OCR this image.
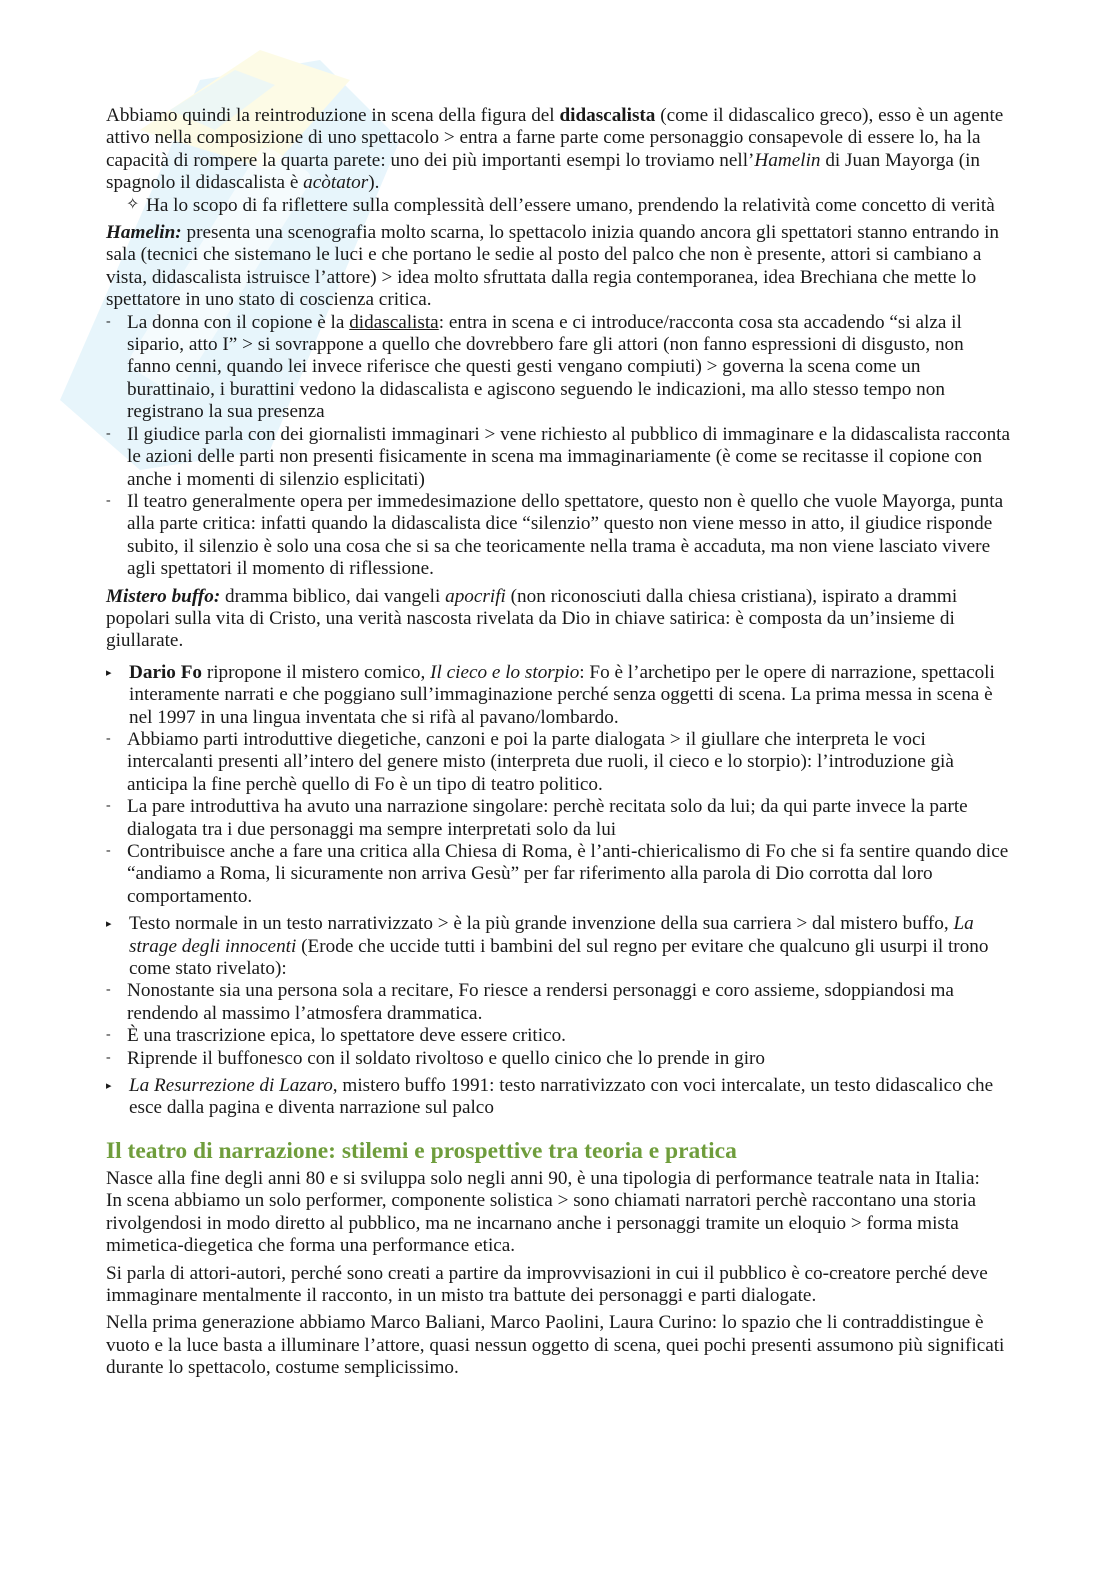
Abbiamo quindi la reintroduzione in scena della figura del didascalista (come il didascalico greco), esso è un agente attivo nella composizione di uno spettacolo > entra a farne parte come personaggio consapevole di essere lo, ha la capacità di rompere la quarta parete: uno dei più importanti esempi lo troviamo nell’Hamelin di Juan Mayorga (in spagnolo il didascalista è acòtator).

✧ Ha lo scopo di fa riflettere sulla complessità dell’essere umano, prendendo la relatività come concetto di verità

Hamelin: presenta una scenografia molto scarna, lo spettacolo inizia quando ancora gli spettatori stanno entrando in sala (tecnici che sistemano le luci e che portano le sedie al posto del palco che non è presente, attori si cambiano a vista, didascalista istruisce l’attore) > idea molto sfruttata dalla regia contemporanea, idea Brechiana che mette lo spettatore in uno stato di coscienza critica.

- La donna con il copione è la didascalista: entra in scena e ci introduce/racconta cosa sta accadendo “si alza il sipario, atto I” > si sovrappone a quello che dovrebbero fare gli attori (non fanno espressioni di disgusto, non fanno cenni, quando lei invece riferisce che questi gesti vengano compiuti) > governa la scena come un burattinaio, i burattini vedono la didascalista e agiscono seguendo le indicazioni, ma allo stesso tempo non registrano la sua presenza
- Il giudice parla con dei giornalisti immaginari > vene richiesto al pubblico di immaginare e la didascalista racconta le azioni delle parti non presenti fisicamente in scena ma immaginariamente (è come se recitasse il copione con anche i momenti di silenzio esplicitati)
- Il teatro generalmente opera per immedesimazione dello spettatore, questo non è quello che vuole Mayorga, punta alla parte critica: infatti quando la didascalista dice “silenzio” questo non viene messo in atto, il giudice risponde subito, il silenzio è solo una cosa che si sa che teoricamente nella trama è accaduta, ma non viene lasciato vivere agli spettatori il momento di riflessione.

Mistero buffo: dramma biblico, dai vangeli apocrifi (non riconosciuti dalla chiesa cristiana), ispirato a drammi popolari sulla vita di Cristo, una verità nascosta rivelata da Dio in chiave satirica: è composta da un’insieme di giullarate.

▸ Dario Fo ripropone il mistero comico, Il cieco e lo storpio: Fo è l’archetipo per le opere di narrazione, spettacoli interamente narrati e che poggiano sull’immaginazione perché senza oggetti di scena. La prima messa in scena è nel 1997 in una lingua inventata che si rifà al pavano/lombardo.
- Abbiamo parti introduttive diegetiche, canzoni e poi la parte dialogata > il giullare che interpreta le voci intercalanti presenti all’intero del genere misto (interpreta due ruoli, il cieco e lo storpio): l’introduzione già anticipa la fine perchè quello di Fo è un tipo di teatro politico.
- La pare introduttiva ha avuto una narrazione singolare: perchè recitata solo da lui; da qui parte invece la parte dialogata tra i due personaggi ma sempre interpretati solo da lui
- Contribuisce anche a fare una critica alla Chiesa di Roma, è l’anti-chiericalismo di Fo che si fa sentire quando dice “andiamo a Roma, li sicuramente non arriva Gesù” per far riferimento alla parola di Dio corrotta dal loro comportamento.
▸ Testo normale in un testo narrativizzato > è la più grande invenzione della sua carriera > dal mistero buffo, La strage degli innocenti (Erode che uccide tutti i bambini del sul regno per evitare che qualcuno gli usurpi il trono come stato rivelato):
- Nonostante sia una persona sola a recitare, Fo riesce a rendersi personaggi e coro assieme, sdoppiandosi ma rendendo al massimo l’atmosfera drammatica.
- È una trascrizione epica, lo spettatore deve essere critico.
- Riprende il buffonesco con il soldato rivoltoso e quello cinico che lo prende in giro
▸ La Resurrezione di Lazaro, mistero buffo 1991: testo narrativizzato con voci intercalate, un testo didascalico che esce dalla pagina e diventa narrazione sul palco
Il teatro di narrazione: stilemi e prospettive tra teoria e pratica

Nasce alla fine degli anni 80 e si sviluppa solo negli anni 90, è una tipologia di performance teatrale nata in Italia:

In scena abbiamo un solo performer, componente solistica > sono chiamati narratori perchè raccontano una storia rivolgendosi in modo diretto al pubblico, ma ne incarnano anche i personaggi tramite un eloquio > forma mista mimetica-diegetica che forma una performance etica.

Si parla di attori-autori, perché sono creati a partire da improvvisazioni in cui il pubblico è co-creatore perché deve immaginare mentalmente il racconto, in un misto tra battute dei personaggi e parti dialogate.

Nella prima generazione abbiamo Marco Baliani, Marco Paolini, Laura Curino: lo spazio che li contraddistingue è vuoto e la luce basta a illuminare l’attore, quasi nessun oggetto di scena, quei pochi presenti assumono più significati durante lo spettacolo, costume semplicissimo.
